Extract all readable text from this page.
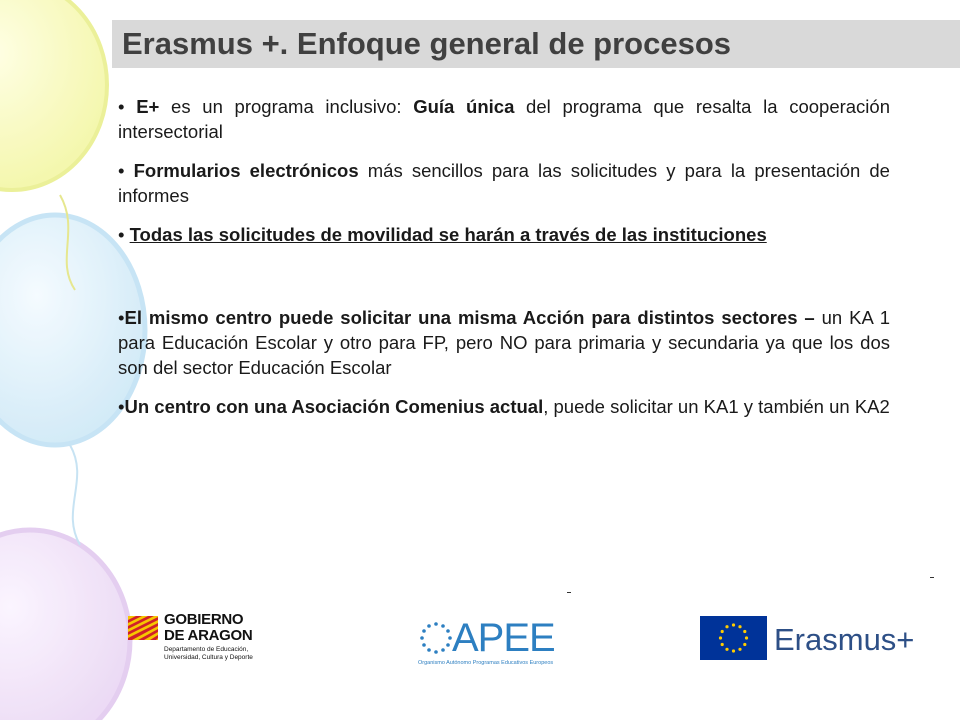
Erasmus +. Enfoque general de procesos

• E+ es un programa inclusivo: Guía única del programa que resalta la cooperación intersectorial

• Formularios electrónicos más sencillos para las solicitudes y para la presentación de informes

• Todas las solicitudes de movilidad se harán a través de las instituciones

•El mismo centro puede solicitar una misma Acción para distintos sectores – un KA 1 para Educación Escolar y otro para FP, pero NO para primaria y secundaria ya que los dos son del sector Educación Escolar

•Un centro con una Asociación Comenius actual, puede solicitar un KA1 y también un KA2

GOBIERNO
DE ARAGON
Departamento de Educación,
Universidad, Cultura y Deporte	APEE
Organismo Autónomo Programas Educativos Europeos
Erasmus+
